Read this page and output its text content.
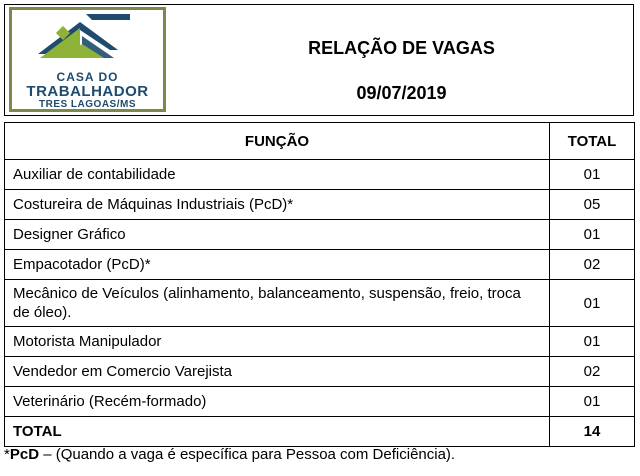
CASA DO
TRABALHADOR
TRES LAGOAS/MS
RELAÇÃO DE VAGAS
09/07/2019
FUNÇÃO	TOTAL
Auxiliar de contabilidade	01
Costureira de Máquinas Industriais (PcD)*	05
Designer Gráfico	01
Empacotador (PcD)*	02
Mecânico de Veículos (alinhamento, balanceamento, suspensão, freio, troca de óleo).	01
Motorista Manipulador	01
Vendedor em Comercio Varejista	02
Veterinário (Recém-formado)	01
TOTAL	14
*PcD – (Quando a vaga é específica para Pessoa com Deficiência).
